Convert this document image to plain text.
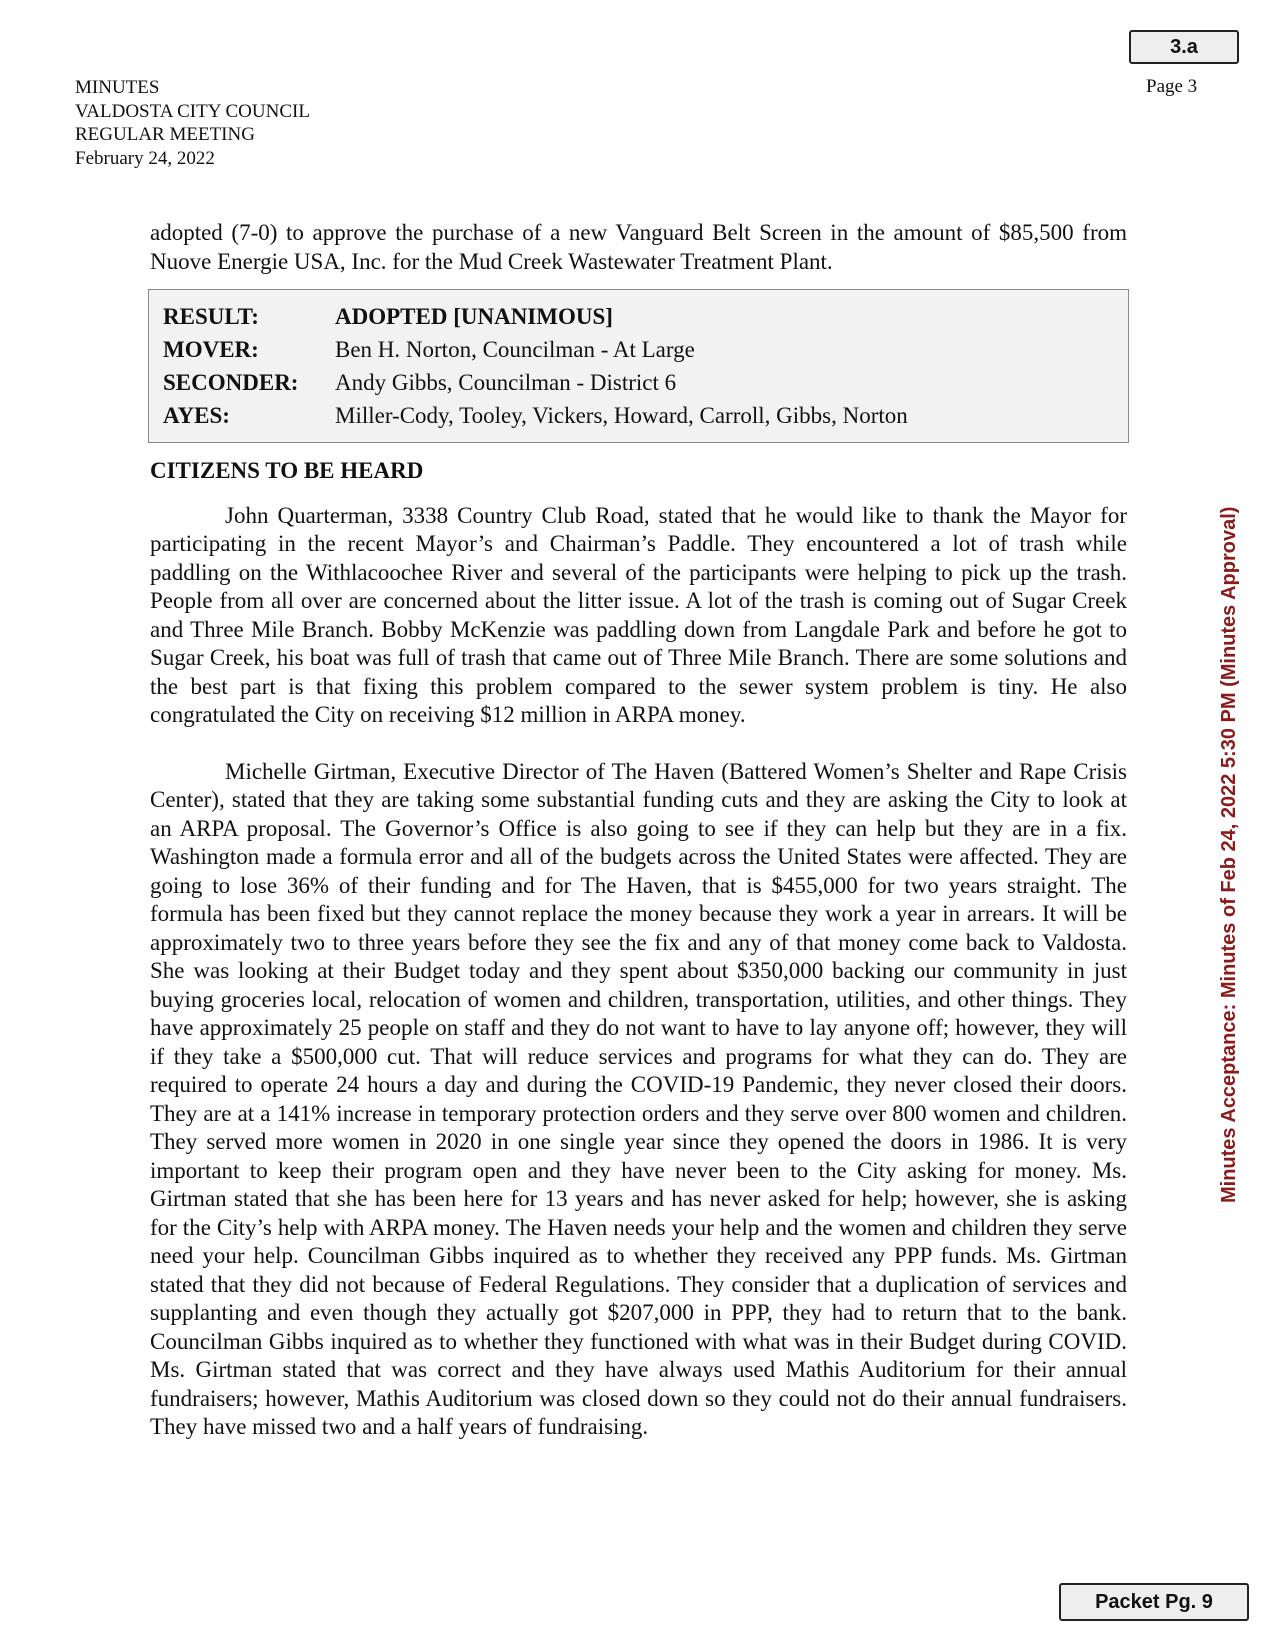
3.a
Page 3
MINUTES
VALDOSTA CITY COUNCIL
REGULAR MEETING
February 24, 2022

adopted (7-0) to approve the purchase of a new Vanguard Belt Screen in the amount of $85,500 from Nuove Energie USA, Inc. for the Mud Creek Wastewater Treatment Plant.

RESULT:	ADOPTED [UNANIMOUS]
MOVER:	Ben H. Norton, Councilman - At Large
SECONDER:	Andy Gibbs, Councilman - District 6
AYES:	Miller-Cody, Tooley, Vickers, Howard, Carroll, Gibbs, Norton

CITIZENS TO BE HEARD

John Quarterman, 3338 Country Club Road, stated that he would like to thank the Mayor for participating in the recent Mayor’s and Chairman’s Paddle. They encountered a lot of trash while paddling on the Withlacoochee River and several of the participants were helping to pick up the trash. People from all over are concerned about the litter issue. A lot of the trash is coming out of Sugar Creek and Three Mile Branch. Bobby McKenzie was paddling down from Langdale Park and before he got to Sugar Creek, his boat was full of trash that came out of Three Mile Branch. There are some solutions and the best part is that fixing this problem compared to the sewer system problem is tiny. He also congratulated the City on receiving $12 million in ARPA money.

Michelle Girtman, Executive Director of The Haven (Battered Women’s Shelter and Rape Crisis Center), stated that they are taking some substantial funding cuts and they are asking the City to look at an ARPA proposal. The Governor’s Office is also going to see if they can help but they are in a fix. Washington made a formula error and all of the budgets across the United States were affected. They are going to lose 36% of their funding and for The Haven, that is $455,000 for two years straight. The formula has been fixed but they cannot replace the money because they work a year in arrears. It will be approximately two to three years before they see the fix and any of that money come back to Valdosta. She was looking at their Budget today and they spent about $350,000 backing our community in just buying groceries local, relocation of women and children, transportation, utilities, and other things. They have approximately 25 people on staff and they do not want to have to lay anyone off; however, they will if they take a $500,000 cut. That will reduce services and programs for what they can do. They are required to operate 24 hours a day and during the COVID-19 Pandemic, they never closed their doors. They are at a 141% increase in temporary protection orders and they serve over 800 women and children. They served more women in 2020 in one single year since they opened the doors in 1986. It is very important to keep their program open and they have never been to the City asking for money. Ms. Girtman stated that she has been here for 13 years and has never asked for help; however, she is asking for the City’s help with ARPA money. The Haven needs your help and the women and children they serve need your help. Councilman Gibbs inquired as to whether they received any PPP funds. Ms. Girtman stated that they did not because of Federal Regulations. They consider that a duplication of services and supplanting and even though they actually got $207,000 in PPP, they had to return that to the bank. Councilman Gibbs inquired as to whether they functioned with what was in their Budget during COVID. Ms. Girtman stated that was correct and they have always used Mathis Auditorium for their annual fundraisers; however, Mathis Auditorium was closed down so they could not do their annual fundraisers. They have missed two and a half years of fundraising.

Minutes Acceptance: Minutes of Feb 24, 2022 5:30 PM (Minutes Approval)
Packet Pg. 9
